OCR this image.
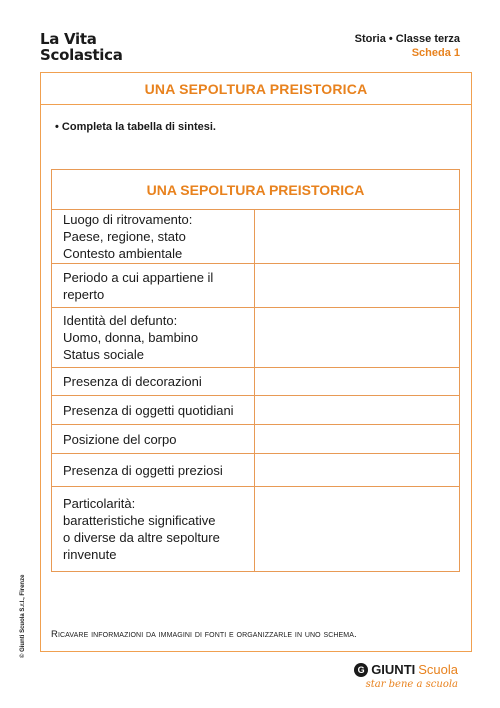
La Vita
Scolastica
Storia • Classe terza
Scheda 1
UNA SEPOLTURA PREISTORICA
• Completa la tabella di sintesi.
UNA SEPOLTURA PREISTORICA
Luogo di ritrovamento:
Paese, regione, stato
Contesto ambientale
Periodo a cui appartiene il
reperto
Identità del defunto:
Uomo, donna, bambino
Status sociale
Presenza di decorazioni
Presenza di oggetti quotidiani
Posizione del corpo
Presenza di oggetti preziosi
Particolarità:
baratteristiche significative
o diverse da altre sepolture
rinvenute
Ricavare informazioni da immagini di fonti e organizzarle in uno schema.
© Giunti Scuola S.r.l., Firenze
G GIUNTI Scuola
star bene a scuola
